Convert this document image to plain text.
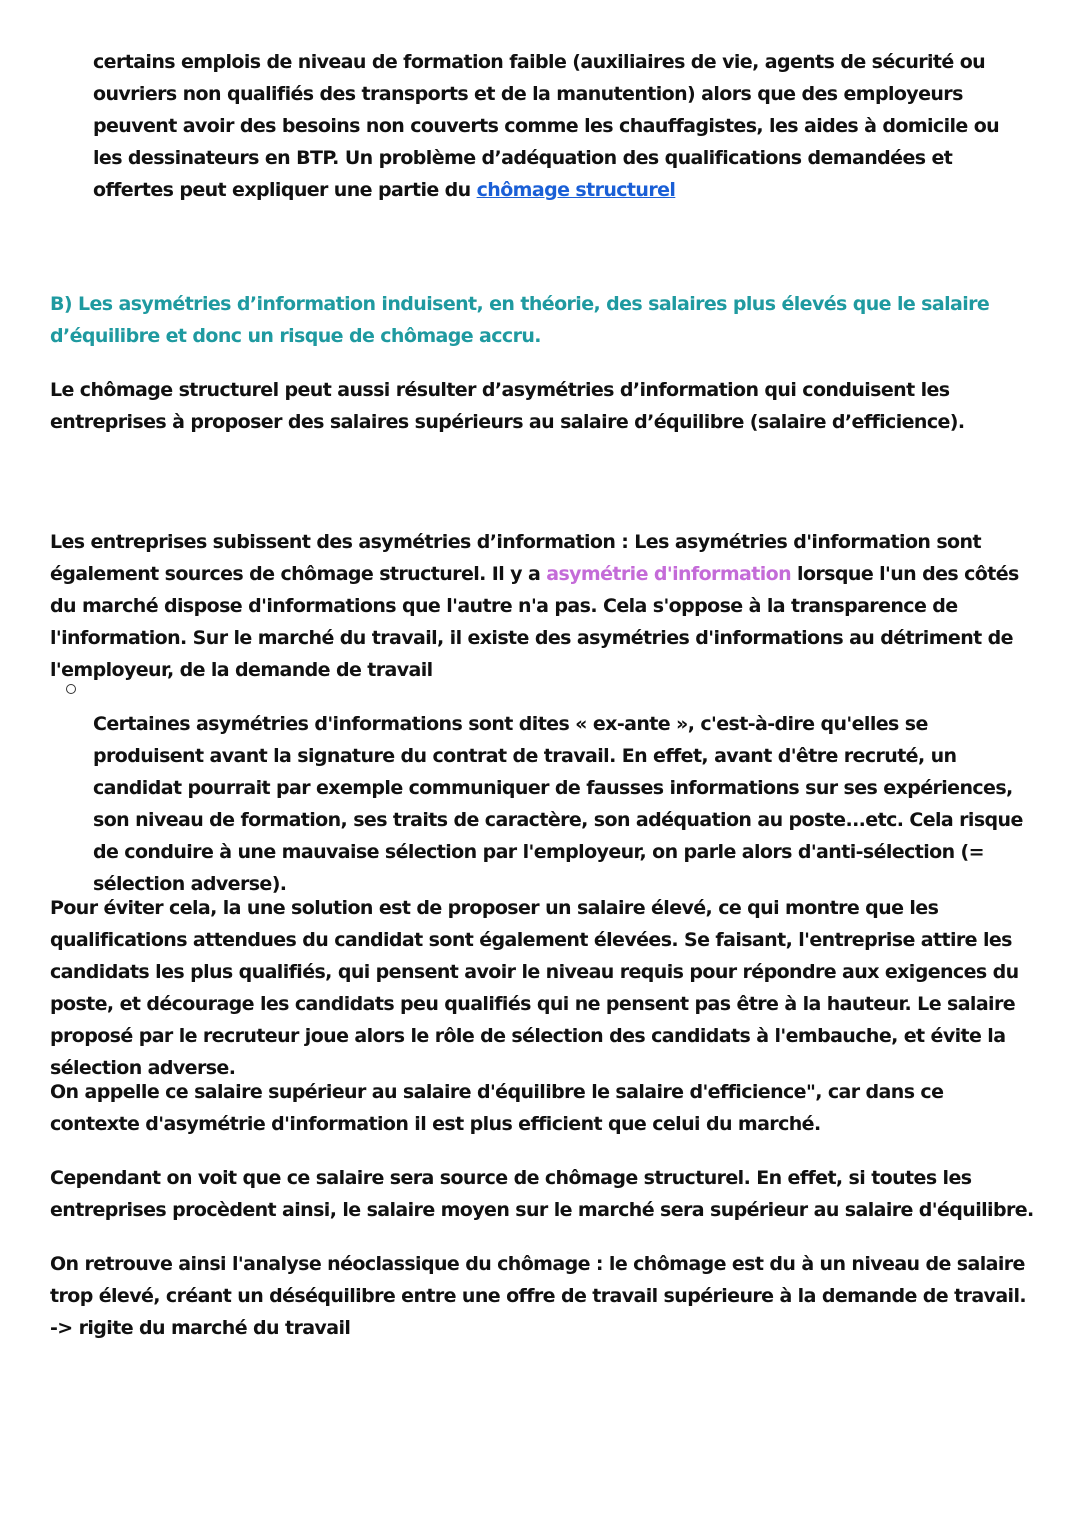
certains emplois de niveau de formation faible (auxiliaires de vie, agents de sécurité ou ouvriers non qualifiés des transports et de la manutention) alors que des employeurs peuvent avoir des besoins non couverts comme les chauffagistes, les aides à domicile ou les dessinateurs en BTP. Un problème d’adéquation des qualifications demandées et offertes peut expliquer une partie du chômage structurel

B) Les asymétries d’information induisent, en théorie, des salaires plus élevés que le salaire d’équilibre et donc un risque de chômage accru.

Le chômage structurel peut aussi résulter d’asymétries d’information qui conduisent les entreprises à proposer des salaires supérieurs au salaire d’équilibre (salaire d’efficience).

Les entreprises subissent des asymétries d’information : Les asymétries d'information sont également sources de chômage structurel. Il y a asymétrie d'information lorsque l'un des côtés du marché dispose d'informations que l'autre n'a pas. Cela s'oppose à la transparence de l'information. Sur le marché du travail, il existe des asymétries d'informations au détriment de l'employeur, de la demande de travail

Certaines asymétries d'informations sont dites « ex-ante », c'est-à-dire qu'elles se produisent avant la signature du contrat de travail. En effet, avant d'être recruté, un candidat pourrait par exemple communiquer de fausses informations sur ses expériences, son niveau de formation, ses traits de caractère, son adéquation au poste...etc. Cela risque de conduire à une mauvaise sélection par l'employeur, on parle alors d'anti-sélection (= sélection adverse).

Pour éviter cela, la une solution est de proposer un salaire élevé, ce qui montre que les qualifications attendues du candidat sont également élevées. Se faisant, l'entreprise attire les candidats les plus qualifiés, qui pensent avoir le niveau requis pour répondre aux exigences du poste, et décourage les candidats peu qualifiés qui ne pensent pas être à la hauteur. Le salaire proposé par le recruteur joue alors le rôle de sélection des candidats à l'embauche, et évite la sélection adverse.

On appelle ce salaire supérieur au salaire d'équilibre le salaire d'efficience", car dans ce contexte d'asymétrie d'information il est plus efficient que celui du marché.

Cependant on voit que ce salaire sera source de chômage structurel. En effet, si toutes les entreprises procèdent ainsi, le salaire moyen sur le marché sera supérieur au salaire d'équilibre.

On retrouve ainsi l'analyse néoclassique du chômage : le chômage est du à un niveau de salaire trop élevé, créant un déséquilibre entre une offre de travail supérieure à la demande de travail. -> rigite du marché du travail
